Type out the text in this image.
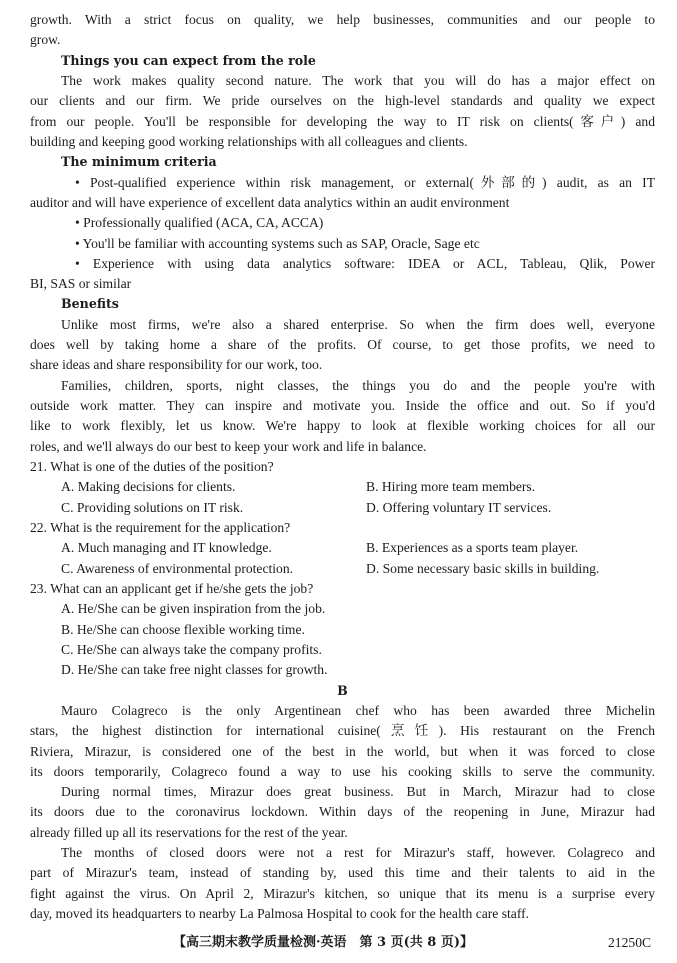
growth. With a strict focus on quality, we help businesses, communities and our people to
grow.
Things you can expect from the role
The work makes quality second nature. The work that you will do has a major effect on
our clients and our firm. We pride ourselves on the high-level standards and quality we expect
from our people. You'll be responsible for developing the way to IT risk on clients(客户) and
building and keeping good working relationships with all colleagues and clients.
The minimum criteria
• Post-qualified experience within risk management, or external(外部的) audit, as an IT
auditor and will have experience of excellent data analytics within an audit environment
• Professionally qualified (ACA, CA, ACCA)
• You'll be familiar with accounting systems such as SAP, Oracle, Sage etc
• Experience with using data analytics software: IDEA or ACL, Tableau, Qlik, Power
BI, SAS or similar
Benefits
Unlike most firms, we're also a shared enterprise. So when the firm does well, everyone
does well by taking home a share of the profits. Of course, to get those profits, we need to
share ideas and share responsibility for our work, too.
Families, children, sports, night classes, the things you do and the people you're with
outside work matter. They can inspire and motivate you. Inside the office and out. So if you'd
like to work flexibly, let us know. We're happy to look at flexible working choices for all our
roles, and we'll always do our best to keep your work and life in balance.
21. What is one of the duties of the position?
A. Making decisions for clients.	B. Hiring more team members.
C. Providing solutions on IT risk.	D. Offering voluntary IT services.
22. What is the requirement for the application?
A. Much managing and IT knowledge.	B. Experiences as a sports team player.
C. Awareness of environmental protection.	D. Some necessary basic skills in building.
23. What can an applicant get if he/she gets the job?
A. He/She can be given inspiration from the job.
B. He/She can choose flexible working time.
C. He/She can always take the company profits.
D. He/She can take free night classes for growth.
B
Mauro Colagreco is the only Argentinean chef who has been awarded three Michelin
stars, the highest distinction for international cuisine(烹饪). His restaurant on the French
Riviera, Mirazur, is considered one of the best in the world, but when it was forced to close
its doors temporarily, Colagreco found a way to use his cooking skills to serve the community.
During normal times, Mirazur does great business. But in March, Mirazur had to close
its doors due to the coronavirus lockdown. Within days of the reopening in June, Mirazur had
already filled up all its reservations for the rest of the year.
The months of closed doors were not a rest for Mirazur's staff, however. Colagreco and
part of Mirazur's team, instead of standing by, used this time and their talents to aid in the
fight against the virus. On April 2, Mirazur's kitchen, so unique that its menu is a surprise every
day, moved its headquarters to nearby La Palmosa Hospital to cook for the health care staff.
【高三期末教学质量检测·英语　第 3 页(共 8 页)】	21250C
